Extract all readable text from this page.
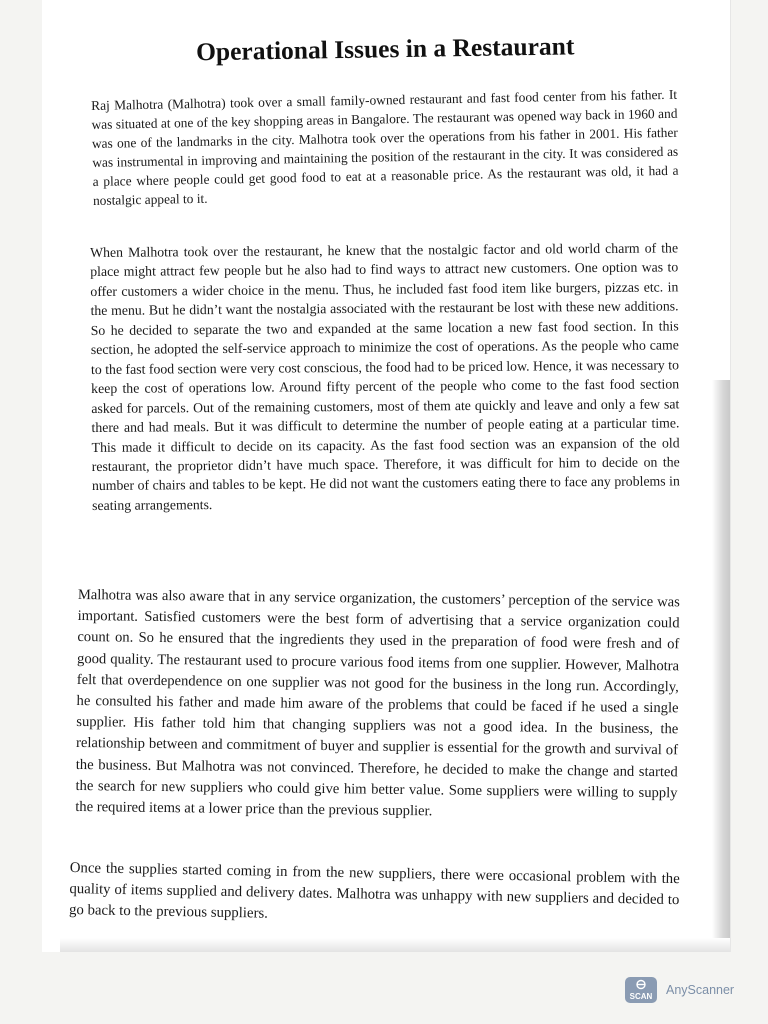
Operational Issues in a Restaurant

Raj Malhotra (Malhotra) took over a small family-owned restaurant and fast food center from his father. It was situated at one of the key shopping areas in Bangalore. The restaurant was opened way back in 1960 and was one of the landmarks in the city. Malhotra took over the operations from his father in 2001. His father was instrumental in improving and maintaining the position of the restaurant in the city. It was considered as a place where people could get good food to eat at a reasonable price. As the restaurant was old, it had a nostalgic appeal to it.

When Malhotra took over the restaurant, he knew that the nostalgic factor and old world charm of the place might attract few people but he also had to find ways to attract new customers. One option was to offer customers a wider choice in the menu. Thus, he included fast food item like burgers, pizzas etc. in the menu. But he didn’t want the nostalgia associated with the restaurant be lost with these new additions. So he decided to separate the two and expanded at the same location a new fast food section. In this section, he adopted the self-service approach to minimize the cost of operations. As the people who came to the fast food section were very cost conscious, the food had to be priced low. Hence, it was necessary to keep the cost of operations low. Around fifty percent of the people who come to the fast food section asked for parcels. Out of the remaining customers, most of them ate quickly and leave and only a few sat there and had meals. But it was difficult to determine the number of people eating at a particular time. This made it difficult to decide on its capacity. As the fast food section was an expansion of the old restaurant, the proprietor didn’t have much space. Therefore, it was difficult for him to decide on the number of chairs and tables to be kept. He did not want the customers eating there to face any problems in seating arrangements.

Malhotra was also aware that in any service organization, the customers’ perception of the service was important. Satisfied customers were the best form of advertising that a service organization could count on. So he ensured that the ingredients they used in the preparation of food were fresh and of good quality. The restaurant used to procure various food items from one supplier. However, Malhotra felt that overdependence on one supplier was not good for the business in the long run. Accordingly, he consulted his father and made him aware of the problems that could be faced if he used a single supplier. His father told him that changing suppliers was not a good idea. In the business, the relationship between and commitment of buyer and supplier is essential for the growth and survival of the business. But Malhotra was not convinced. Therefore, he decided to make the change and started the search for new suppliers who could give him better value. Some suppliers were willing to supply the required items at a lower price than the previous supplier.

Once the supplies started coming in from the new suppliers, there were occasional problem with the quality of items supplied and delivery dates. Malhotra was unhappy with new suppliers and decided to go back to the previous suppliers.

SCAN AnyScanner
